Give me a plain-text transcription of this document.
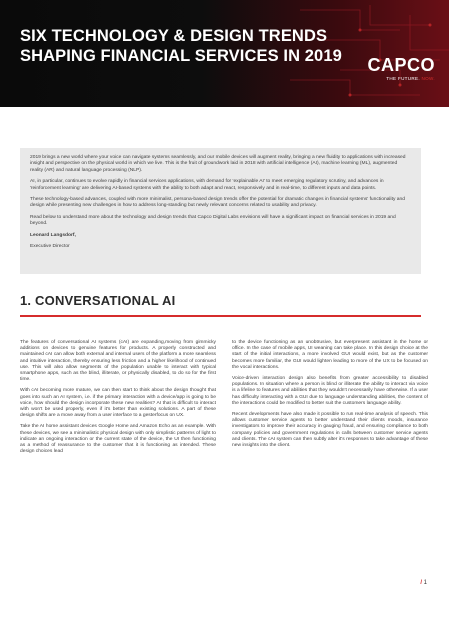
SIX TECHNOLOGY & DESIGN TRENDS
SHAPING FINANCIAL SERVICES IN 2019 CAPCO
THE FUTURE. NOW.

2019 brings a new world where your voice can navigate systems seamlessly, and our mobile devices will augment reality, bringing a new fluidity to applications with increased insight and perspective on the physical world in which we live. This is the fruit of groundwork laid in 2018 with artificial intelligence (AI), machine learning (ML), augmented reality (AR) and natural language processing (NLP).

AI, in particular, continues to evolve rapidly in financial services applications, with demand for 'explainable AI' to meet emerging regulatory scrutiny, and advances in 'reinforcement learning' are delivering AI-based systems with the ability to both adapt and react, responsively and in real-time, to different inputs and data points.

These technology-based advances, coupled with more minimalist, persona-based design trends offer the potential for dramatic changes in financial systems' functionality and design while presenting new challenges in how to address long-standing but newly relevant concerns related to usability and privacy.

Read below to understand more about the technology and design trends that Capco Digital Labs envisions will have a significant impact on financial services in 2019 and beyond.

Leonard Langsdorf,

Executive Director

1. CONVERSATIONAL AI

The features of conversational AI systems (cAI) are expanding,moving from gimmicky additions on devices to genuine features for products. A properly constructed and maintained cAI can allow both external and internal users of the platform a more seamless and intuitive interaction, thereby ensuring less friction and a higher likelihood of continued use. This will also allow segments of the population unable to interact with typical smartphone apps, such as the blind, illiterate, or physically disabled, to do so for the first time.

With cAI becoming more mature, we can then start to think about the design thought that goes into such an AI system, i.e. if the primary interaction with a device/app is going to be voice, how should the design incorporate these new realities? AI that is difficult to interact with won't be used properly, even if it's better than existing solutions. A part of these design shifts are a move away from a user interface to a gesterfocus on UX.

Take the AI home assistant devices Google Home and Amazon Echo as an example. With these devices, we see a minimalistic physical design with only simplistic patterns of light to indicate an ongoing interaction or the current state of the device, the UI then functioning as a method of reassurance to the customer that it is functioning as intended. These design choices lead

to the device functioning as an unobtrusive, but everpresent assistant in the home or office. In the case of mobile apps, UI weaning can take place. In this design choice at the start of the initial interactions, a more involved GUI would exist, but as the customer becomes more familiar, the GUI would lighten leading to more of the UX to be focused on the vocal interactions.

Voice-driven interaction design also benefits from greater accessibility to disabled populations. In situation where a person is blind or illiterate the ability to interact via voice is a lifeline to features and abilities that they wouldn't necessarily have otherwise. If a user has difficulty interacting with a GUI due to language understanding abilities, the content of the interactions could be modified to better suit the customers language ability.

Recent developments have also made it possible to run real-time analysis of speech. This allows customer service agents to better understand their clients moods, insurance investigators to improve their accuracy in gauging fraud, and ensuring compliance to both company policies and government regulations in calls between customer service agents and clients. The cAI system can then subtly alter it's responses to take advantage of these new insights into the client.

/ 1
